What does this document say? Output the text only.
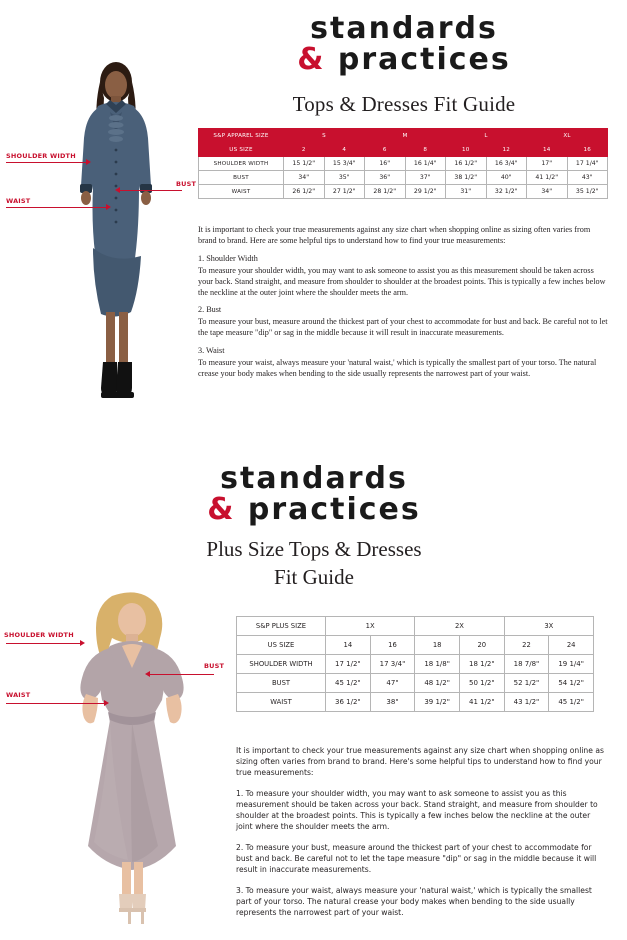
standards
& practices
Tops & Dresses Fit Guide
SHOULDER WIDTH
WAIST
BUST
S&P APPAREL SIZE	S		M		L		XL	
US SIZE	2	4	6	8	10	12	14	16
SHOULDER WIDTH	15 1/2"	15 3/4"	16"	16 1/4"	16 1/2"	16 3/4"	17"	17 1/4"
BUST	34"	35"	36"	37"	38 1/2"	40"	41 1/2"	43"
WAIST	26 1/2"	27 1/2"	28 1/2"	29 1/2"	31"	32 1/2"	34"	35 1/2"

It is important to check your true measurements against any size chart when shopping online as sizing often varies from brand to brand. Here are some helpful tips to understand how to find your true measurements:

1. Shoulder Width

To measure your shoulder width, you may want to ask someone to assist you as this measurement should be taken across your back. Stand straight, and measure from shoulder to shoulder at the broadest points. This is typically a few inches below the neckline at the outer joint where the shoulder meets the arm.

2. Bust

To measure your bust, measure around the thickest part of your chest to accommodate for bust and back. Be careful not to let the tape measure "dip" or sag in the middle because it will result in inaccurate measurements.

3. Waist

To measure your waist, always measure your 'natural waist,' which is typically the smallest part of your torso. The natural crease your body makes when bending to the side usually represents the narrowest part of your waist.

standards
& practices
Plus Size Tops & Dresses
Fit Guide
SHOULDER WIDTH
WAIST
BUST
S&P PLUS SIZE	1X		2X		3X	
US SIZE	14	16	18	20	22	24
SHOULDER WIDTH	17 1/2"	17 3/4"	18 1/8"	18 1/2"	18 7/8"	19 1/4"
BUST	45 1/2"	47"	48 1/2"	50 1/2"	52 1/2"	54 1/2"
WAIST	36 1/2"	38"	39 1/2"	41 1/2"	43 1/2"	45 1/2"

It is important to check your true measurements against any size chart when shopping online as sizing often varies from brand to brand. Here's some helpful tips to understand how to find your true measurements:

1. To measure your shoulder width, you may want to ask someone to assist you as this measurement should be taken across your back. Stand straight, and measure from shoulder to shoulder at the broadest points. This is typically a few inches below the neckline at the outer joint where the shoulder meets the arm.

2. To measure your bust, measure around the thickest part of your chest to accommodate for bust and back. Be careful not to let the tape measure "dip" or sag in the middle because it will result in inaccurate measurements.

3. To measure your waist, always measure your 'natural waist,' which is typically the smallest part of your torso. The natural crease your body makes when bending to the side usually represents the narrowest part of your waist.
